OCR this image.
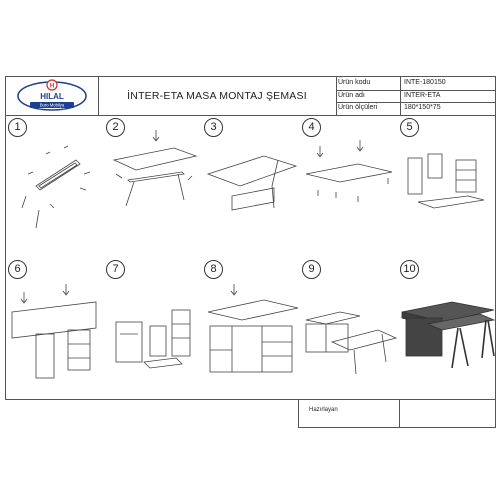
H
HILAL
Buro Mobilya
İNTER-ETA MASA MONTAJ ŞEMASI
Ürün kodu	INTE-180150
Ürün adı	INTER-ETA
Ürün ölçüleri	180*150*75
1	2	3	4	5
6	7	8	9	10
Hazırlayan
